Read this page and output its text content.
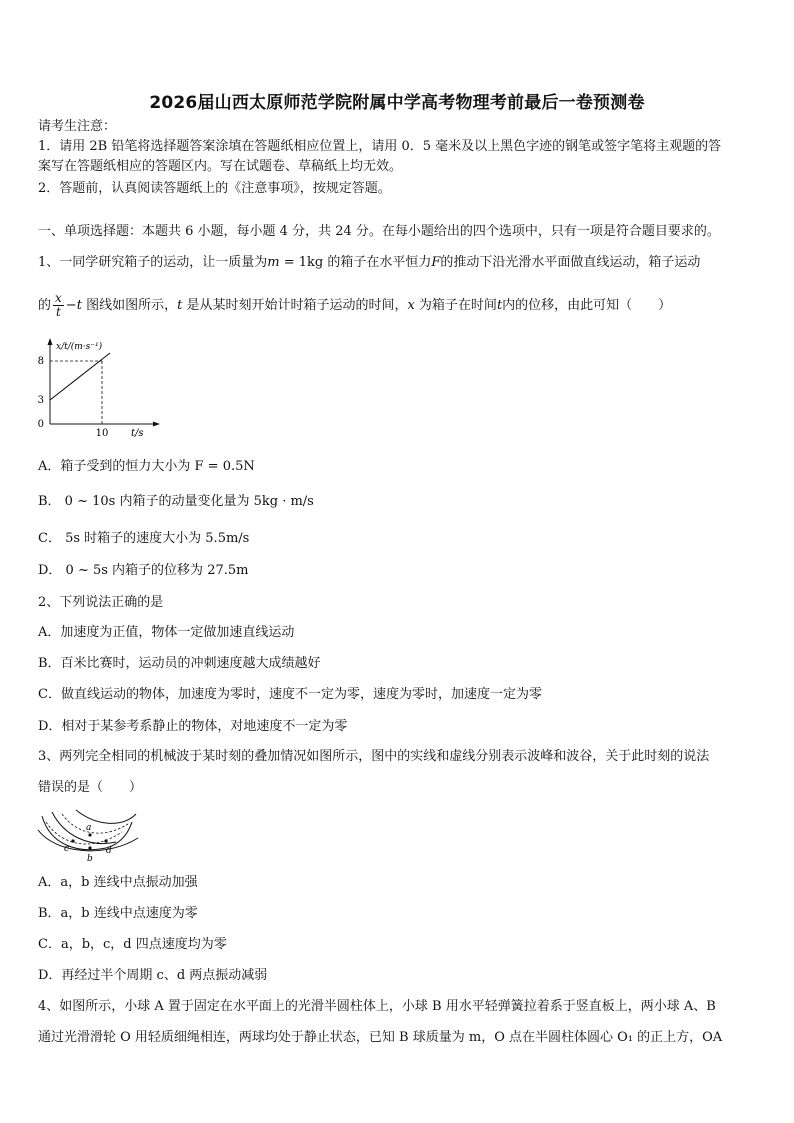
2026届山西太原师范学院附属中学高考物理考前最后一卷预测卷
请考生注意：
1．请用 2B 铅笔将选择题答案涂填在答题纸相应位置上，请用 0．5 毫米及以上黑色字迹的钢笔或签字笔将主观题的答
案写在答题纸相应的答题区内。写在试题卷、草稿纸上均无效。
2．答题前，认真阅读答题纸上的《注意事项》，按规定答题。
一、单项选择题：本题共 6 小题，每小题 4 分，共 24 分。在每小题给出的四个选项中，只有一项是符合题目要求的。
1、一同学研究箱子的运动，让一质量为m = 1kg 的箱子在水平恒力F的推动下沿光滑水平面做直线运动，箱子运动
的 $\frac{x}{t} -t$ 图线如图所示，t 是从某时刻开始计时箱子运动的时间，x 为箱子在时间t内的位移，由此可知（　　）
x/t/(m·s⁻¹)
8
3
0
10 t/s
A．箱子受到的恒力大小为 F = 0.5N
B． 0 ~ 10s 内箱子的动量变化量为 5kg · m/s
C． 5s 时箱子的速度大小为 5.5m/s
D． 0 ~ 5s 内箱子的位移为 27.5m
2、下列说法正确的是
A．加速度为正值，物体一定做加速直线运动
B．百米比赛时，运动员的冲刺速度越大成绩越好
C．做直线运动的物体，加速度为零时，速度不一定为零，速度为零时，加速度一定为零
D．相对于某参考系静止的物体，对地速度不一定为零
3、两列完全相同的机械波于某时刻的叠加情况如图所示，图中的实线和虚线分别表示波峰和波谷，关于此时刻的说法
错误的是（　　）
a
b
c	d
A．a，b 连线中点振动加强
B．a，b 连线中点速度为零
C．a，b，c，d 四点速度均为零
D．再经过半个周期 c、d 两点振动减弱
4、如图所示，小球 A 置于固定在水平面上的光滑半圆柱体上，小球 B 用水平轻弹簧拉着系于竖直板上，两小球 A、B
通过光滑滑轮 O 用轻质细绳相连，两球均处于静止状态，已知 B 球质量为 m，O 点在半圆柱体圆心 O₁ 的正上方，OA
